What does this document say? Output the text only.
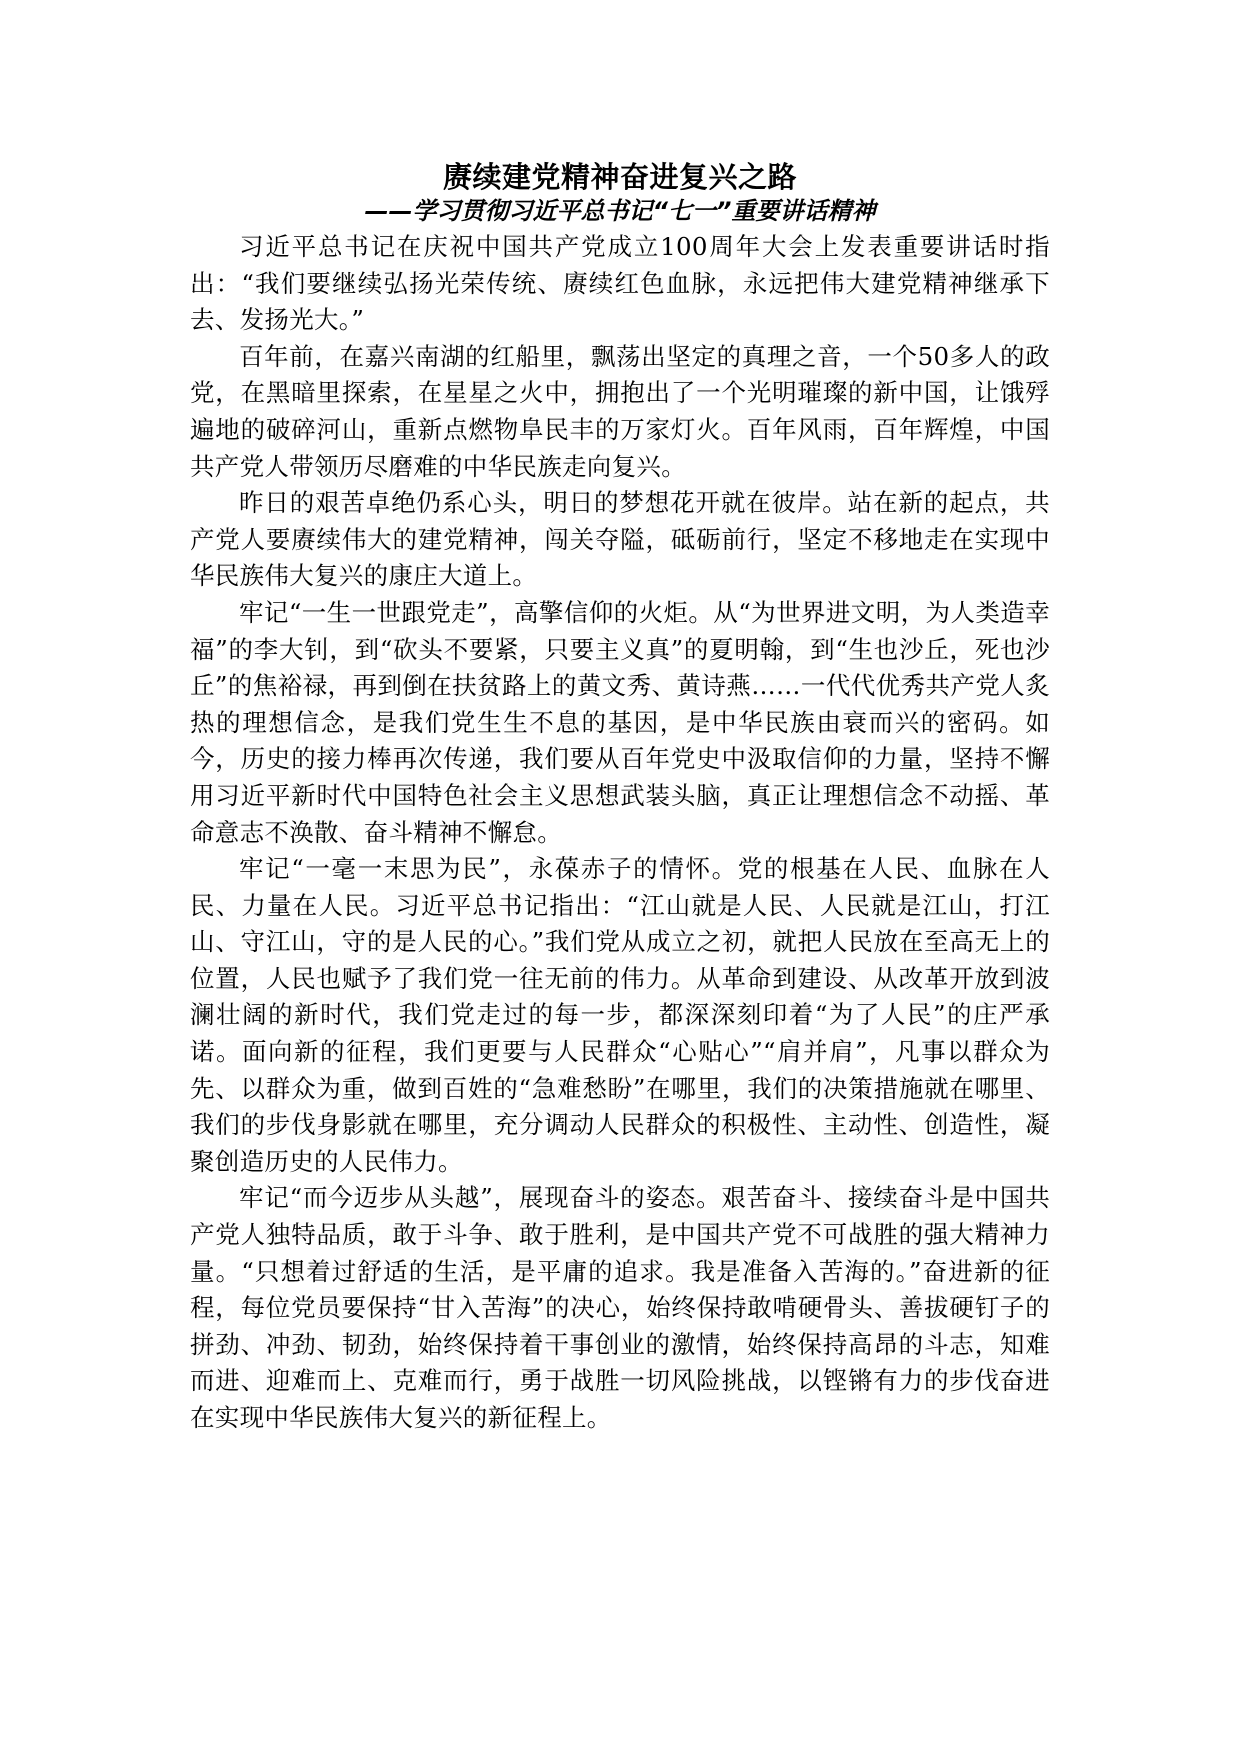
赓续建党精神奋进复兴之路
——学习贯彻习近平总书记“七一”重要讲话精神

习近平总书记在庆祝中国共产党成立100周年大会上发表重要讲话时指出：“我们要继续弘扬光荣传统、赓续红色血脉，永远把伟大建党精神继承下去、发扬光大。”

百年前，在嘉兴南湖的红船里，飘荡出坚定的真理之音，一个50多人的政党，在黑暗里探索，在星星之火中，拥抱出了一个光明璀璨的新中国，让饿殍遍地的破碎河山，重新点燃物阜民丰的万家灯火。百年风雨，百年辉煌，中国共产党人带领历尽磨难的中华民族走向复兴。

昨日的艰苦卓绝仍系心头，明日的梦想花开就在彼岸。站在新的起点，共产党人要赓续伟大的建党精神，闯关夺隘，砥砺前行，坚定不移地走在实现中华民族伟大复兴的康庄大道上。

牢记“一生一世跟党走”，高擎信仰的火炬。从“为世界进文明，为人类造幸福”的李大钊，到“砍头不要紧，只要主义真”的夏明翰，到“生也沙丘，死也沙丘”的焦裕禄，再到倒在扶贫路上的黄文秀、黄诗燕……一代代优秀共产党人炙热的理想信念，是我们党生生不息的基因，是中华民族由衰而兴的密码。如今，历史的接力棒再次传递，我们要从百年党史中汲取信仰的力量，坚持不懈用习近平新时代中国特色社会主义思想武装头脑，真正让理想信念不动摇、革命意志不涣散、奋斗精神不懈怠。

牢记“一毫一末思为民”，永葆赤子的情怀。党的根基在人民、血脉在人民、力量在人民。习近平总书记指出：“江山就是人民、人民就是江山，打江山、守江山，守的是人民的心。”我们党从成立之初，就把人民放在至高无上的位置，人民也赋予了我们党一往无前的伟力。从革命到建设、从改革开放到波澜壮阔的新时代，我们党走过的每一步，都深深刻印着“为了人民”的庄严承诺。面向新的征程，我们更要与人民群众“心贴心”“肩并肩”，凡事以群众为先、以群众为重，做到百姓的“急难愁盼”在哪里，我们的决策措施就在哪里、我们的步伐身影就在哪里，充分调动人民群众的积极性、主动性、创造性，凝聚创造历史的人民伟力。

牢记“而今迈步从头越”，展现奋斗的姿态。艰苦奋斗、接续奋斗是中国共产党人独特品质，敢于斗争、敢于胜利，是中国共产党不可战胜的强大精神力量。“只想着过舒适的生活，是平庸的追求。我是准备入苦海的。”奋进新的征程，每位党员要保持“甘入苦海”的决心，始终保持敢啃硬骨头、善拔硬钉子的拼劲、冲劲、韧劲，始终保持着干事创业的激情，始终保持高昂的斗志，知难而进、迎难而上、克难而行，勇于战胜一切风险挑战，以铿锵有力的步伐奋进在实现中华民族伟大复兴的新征程上。
